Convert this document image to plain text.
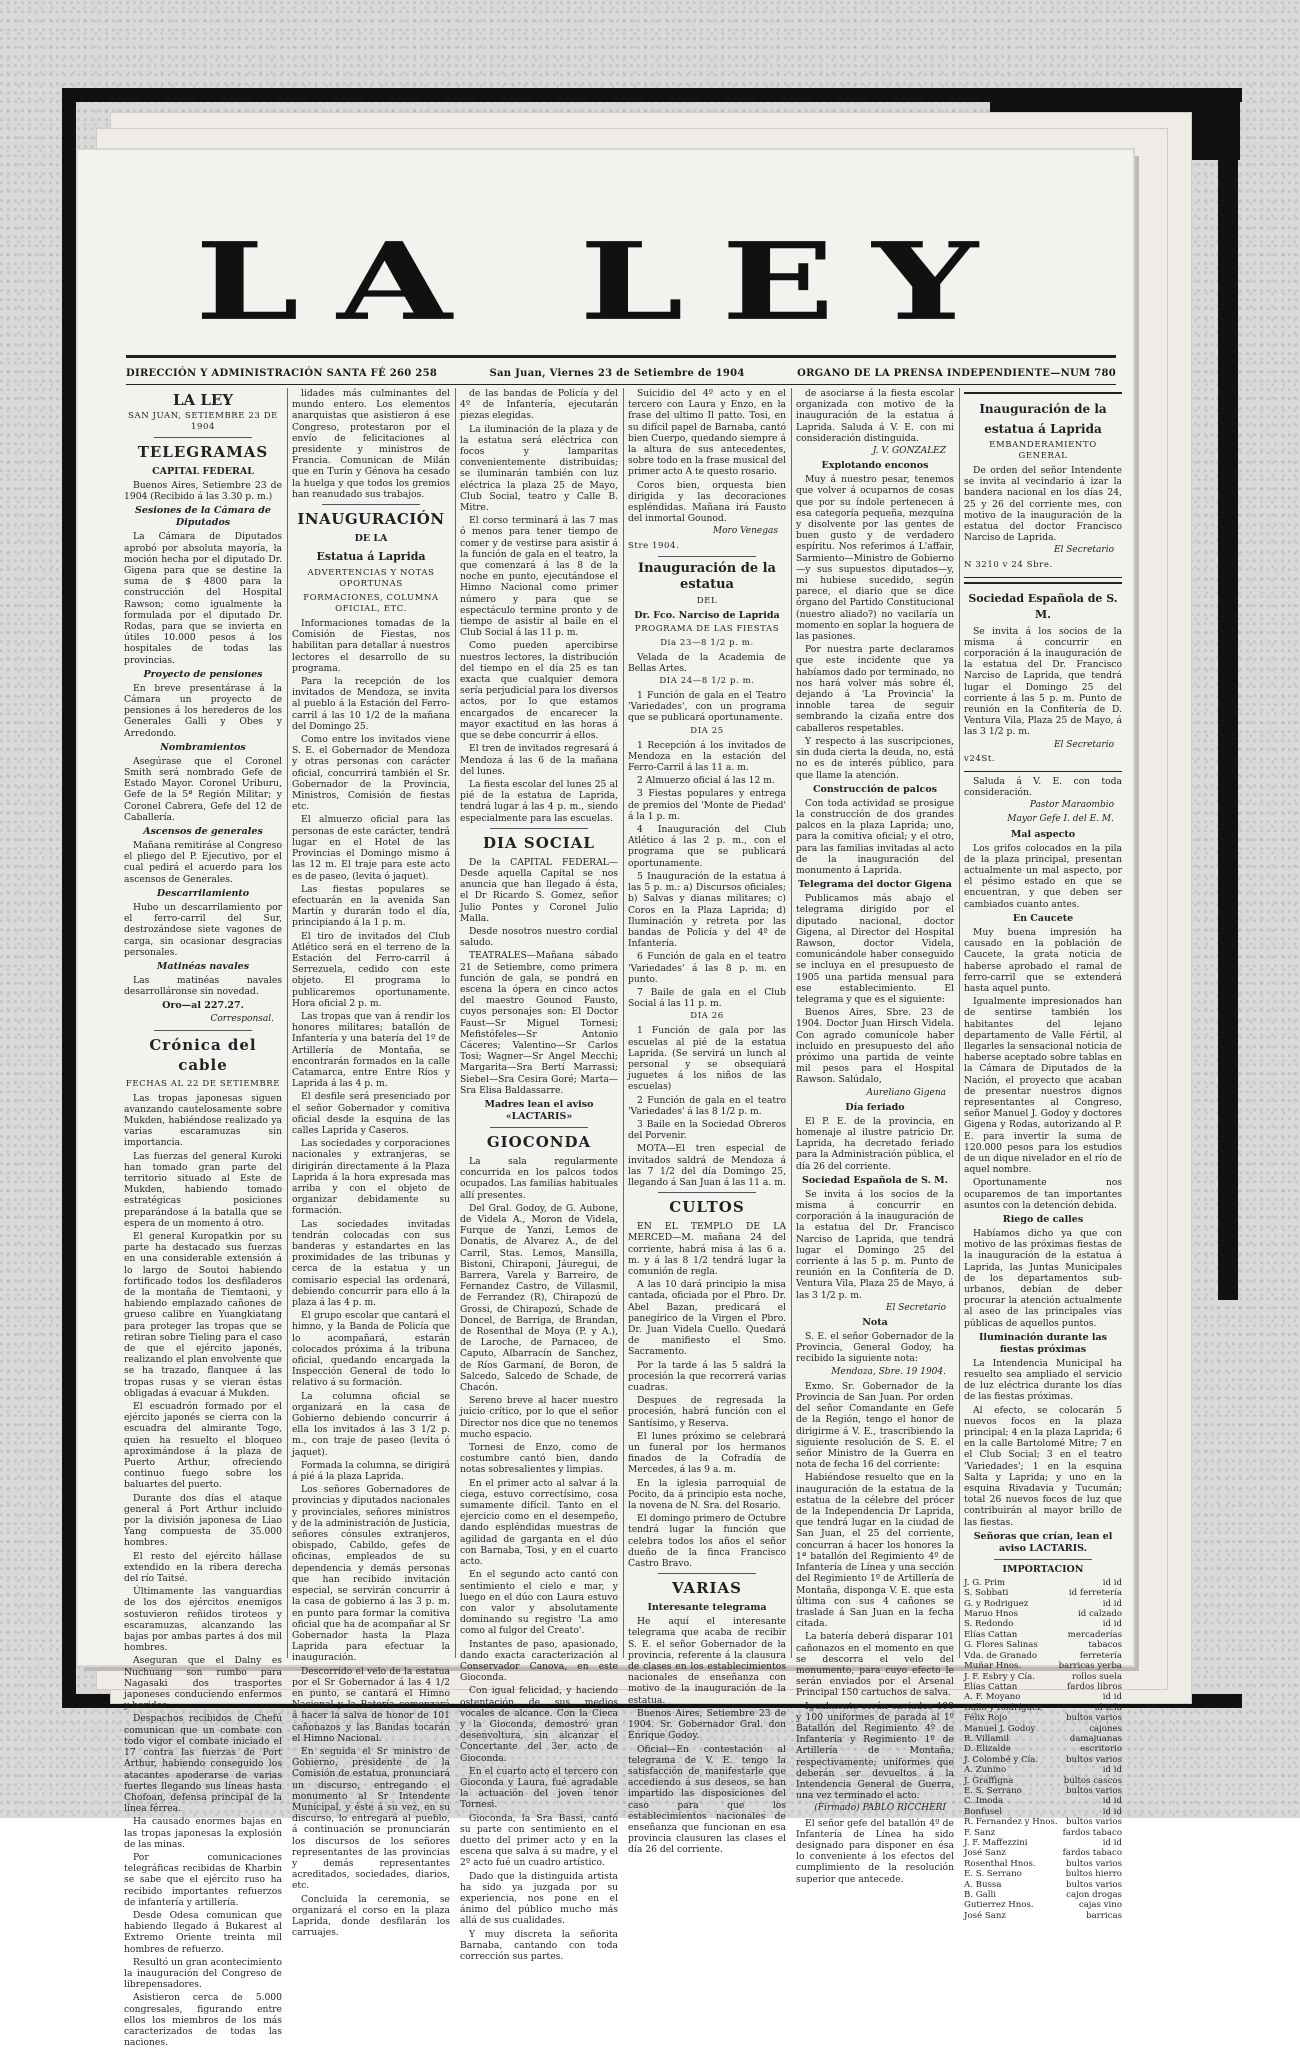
LA LEY
DIRECCIÓN Y ADMINISTRACIÓN SANTA FÉ 260 258	San Juan, Viernes 23 de Setiembre de 1904	ORGANO DE LA PRENSA INDEPENDIENTE—NUM 780
LA LEY
SAN JUAN, SETIEMBRE 23 DE 1904
TELEGRAMAS
CAPITAL FEDERAL

Buenos Aires, Setiembre 23 de 1904 (Recibido á las 3.30 p. m.)

Sesiones de la Cámara de Diputados

La Cámara de Diputados aprobó por absoluta mayoría, la moción hecha por el diputado Dr. Gigena para que se destine la suma de $ 4800 para la construcción del Hospital Rawson; como igualmente la formulada por el diputado Dr. Rodas, para que se invierta en útiles 10.000 pesos á los hospitales de todas las provincias.

Proyecto de pensiones

En breve presentárase á la Cámara un proyecto de pensiones á los herederos de los Generales Galli y Obes y Arredondo.

Nombramientos

Asegúrase que el Coronel Smith será nombrado Gefe de Estado Mayor. Coronel Uriburu, Gefe de la 5ª Región Militar; y Coronel Cabrera, Gefe del 12 de Caballería.

Ascensos de generales

Mañana remitiráse al Congreso el pliego del P. Ejecutivo, por el cual pedirá el acuerdo para los ascensos de Generales.

Descarrilamiento

Hubo un descarrilamiento por el ferro-carril del Sur, destrozándose siete vagones de carga, sin ocasionar desgracias personales.

Matinéas navales

Las matinéas navales desarrolláronse sin novedad.

Oro—al 227.27.
Corresponsal.
Crónica del cable
FECHAS AL 22 DE SETIEMBRE

Las tropas japonesas siguen avanzando cautelosamente sobre Mukden, habiéndose realizado ya varias escaramuzas sin importancia.

Las fuerzas del general Kuroki han tomado gran parte del territorio situado al Este de Mukden, habiendo tomado estratégicas posiciones preparándose á la batalla que se espera de un momento á otro.

El general Kuropatkin por su parte ha destacado sus fuerzas en una considerable extensión á lo largo de Soutoi habiendo fortificado todos los desfiladeros de la montaña de Tiemtaoni, y habiendo emplazado cañones de grueso calibre en Yuangkiatang para proteger las tropas que se retiran sobre Tieling para el caso de que el ejército japonés, realizando el plan envolvente que se ha trazado, flanquee á las tropas rusas y se vieran éstas obligadas á evacuar á Mukden.

El escuadrón formado por el ejército japonés se cierra con la escuadra del almirante Togo, quien ha resuelto el bloqueo aproximándose á la plaza de Puerto Arthur, ofreciendo continuo fuego sobre los baluartes del puerto.

Durante dos días el ataque general á Port Arthur incluido por la división japonesa de Liao Yang compuesta de 35.000 hombres.

El resto del ejército hállase extendido en la ribera derecha del río Taitsé.

Últimamente las vanguardias de los dos ejércitos enemigos sostuvieron reñidos tiroteos y escaramuzas, alcanzando las bajas por ambas partes á dos mil hombres.

Aseguran que el Dalny es Nuchuang son rumbo para Nagasaki dos trasportes japoneses conduciendo enfermos y heridos.

Despachos recibidos de Chefú comunican que un combate con todo vigor el combate iniciado el 17 contra las fuerzas de Port Arthur, habiendo conseguido los atacantes apoderarse de varias fuertes llegando sus líneas hasta Chofoan, defensa principal de la línea férrea.

Ha causado enormes bajas en las tropas japonesas la explosión de las minas.

Por comunicaciones telegráficas recibidas de Kharbin se sabe que el ejército ruso ha recibido importantes refuerzos de infantería y artillería.

Desde Odesa comunican que habiendo llegado á Bukarest al Extremo Oriente treinta mil hombres de refuerzo.

Resultó un gran acontecimiento la inauguración del Congreso de librepensadores.

Asistieron cerca de 5.000 congresales, figurando entre ellos los miembros de los más caracterizados de todas las naciones.

lidades más culminantes del mundo entero. Los elementos anarquistas que asistieron á ese Congreso, protestaron por el envío de felicitaciones al presidente y ministros de Francia. Comunican de Milán que en Turín y Génova ha cesado la huelga y que todos los gremios han reanudado sus trabajos.

INAUGURACIÓN
DE LA
Estatua á Laprida
ADVERTENCIAS Y NOTAS OPORTUNAS
FORMACIONES, COLUMNA OFICIAL, ETC.

Informaciones tomadas de la Comisión de Fiestas, nos habilitan para detallar á nuestros lectores el desarrollo de su programa.

Para la recepción de los invitados de Mendoza, se invita al pueblo á la Estación del Ferro-carril á las 10 1/2 de la mañana del Domingo 25.

Como entre los invitados viene S. E. el Gobernador de Mendoza y otras personas con carácter oficial, concurrirá también el Sr. Gobernador de la Provincia, Ministros, Comisión de fiestas etc.

El almuerzo oficial para las personas de este carácter, tendrá lugar en el Hotel de las Provincias el Domingo mismo á las 12 m. El traje para este acto es de paseo, (levita ó jaquet).

Las fiestas populares se efectuarán en la avenida San Martín y durarán todo el día, principiando á la 1 p. m.

El tiro de invitados del Club Atlético será en el terreno de la Estación del Ferro-carril á Serrezuela, cedido con este objeto. El programa lo publicaremos oportunamente. Hora oficial 2 p. m.

Las tropas que van á rendir los honores militares; batallón de Infantería y una batería del 1º de Artillería de Montaña, se encontrarán formados en la calle Catamarca, entre Entre Ríos y Laprida á las 4 p. m.

El desfile será presenciado por el señor Gobernador y comitiva oficial desde la esquina de las calles Laprida y Caseros.

Las sociedades y corporaciones nacionales y extranjeras, se dirigirán directamente á la Plaza Laprida á la hora expresada mas arriba y con el objeto de organizar debidamente su formación.

Las sociedades invitadas tendrán colocadas con sus banderas y estandartes en las proximidades de las tribunas y cerca de la estatua y un comisario especial las ordenará, debiendo concurrir para ello á la plaza á las 4 p. m.

El grupo escolar que cantará el himno, y la Banda de Policía que lo acompañará, estarán colocados próxima á la tribuna oficial, quedando encargada la Inspección General de todo lo relativo á su formación.

La columna oficial se organizará en la casa de Gobierno debiendo concurrir á ella los invitados á las 3 1/2 p. m., con traje de paseo (levita ó jaquet).

Formada la columna, se dirigirá á pié á la plaza Laprida.

Los señores Gobernadores de provincias y diputados nacionales y provinciales, señores ministros y de la administración de Justicia, señores cónsules extranjeros, obispado, Cabildo, gefes de oficinas, empleados de su dependencia y demás personas que han recibido invitación especial, se servirán concurrir á la casa de gobierno á las 3 p. m. en punto para formar la comitiva oficial que ha de acompañar al Sr Gobernador hasta la Plaza Laprida para efectuar la inauguración.

Descorrido el velo de la estatua por el Sr Gobernador á las 4 1/2 en punto, se cantará el Himno Nacional y la Batería comenzará á hacer la salva de honor de 101 cañonazos y las Bandas tocarán el Himno Nacional.

En seguida el Sr ministro de Gobierno, presidente de la Comisión de estatua, pronunciará un discurso, entregando el monumento al Sr Intendente Municipal, y éste á su vez, en su discurso, lo entregará al pueblo, á continuación se pronunciarán los discursos de los señores representantes de las provincias y demás representantes acreditados, sociedades, diarios, etc.

Concluida la ceremonia, se organizará el corso en la plaza Laprida, donde desfilarán los carruajes.

de las bandas de Policía y del 4º de Infantería, ejecutarán piezas elegidas.

La iluminación de la plaza y de la estatua será eléctrica con focos y lamparitas convenientemente distribuidas; se iluminarán también con luz eléctrica la plaza 25 de Mayo, Club Social, teatro y Calle B. Mitre.

El corso terminará á las 7 mas ó menos para tener tiempo de comer y de vestirse para asistir á la función de gala en el teatro, la que comenzará á las 8 de la noche en punto, ejecutándose el Himno Nacional como primer número y para que se espectáculo termine pronto y de tiempo de asistir al baile en el Club Social á las 11 p. m.

Como pueden apercibirse nuestros lectores, la distribución del tiempo en el día 25 es tan exacta que cualquier demora sería perjudicial para los diversos actos, por lo que estamos encargados de encarecer la mayor exactitud en las horas á que se debe concurrir á ellos.

El tren de invitados regresará á Mendoza á las 6 de la mañana del lunes.

La fiesta escolar del lunes 25 al pié de la estatua de Laprida, tendrá lugar á las 4 p. m., siendo especialmente para las escuelas.

DIA SOCIAL

De la CAPITAL FEDERAL—Desde aquella Capital se nos anuncia que han llegado á ésta, el Dr Ricardo S. Gomez, señor Julio Pontes y Coronel Julio Malla.

Desde nosotros nuestro cordial saludo.

TEATRALES—Mañana sábado 21 de Setiembre, como primera función de gala, se pondrá en escena la ópera en cinco actos del maestro Gounod Fausto, cuyos personajes son: El Doctor Faust—Sr Miguel Tornesi; Mefistófeles—Sr Antonio Cáceres; Valentino—Sr Carlos Tosi; Wagner—Sr Angel Mecchi; Margarita—Sra Bertí Marrassi; Siebel—Sra Cesira Goré; Marta—Sra Elisa Baldassarre.

Madres lean el aviso «LACTARIS»
GIOCONDA

La sala regularmente concurrida en los palcos todos ocupados. Las familias habituales allí presentes.

Del Gral. Godoy, de G. Aubone, de Videla A., Moron de Videla, Furque de Yanzi, Lemos de Donatis, de Alvarez A., de del Carril, Stas. Lemos, Mansilla, Bistoni, Chiraponi, Jáuregui, de Barrera, Varela y Barreiro, de Fernandez Castro, de Villasmil, de Ferrandez (R), Chirapozú de Grossi, de Chirapozú, Schade de Doncel, de Barriga, de Brandan, de Rosenthal de Moya (P. y A.), de Laroche, de Parnaceo, de Caputo, Albarracín de Sanchez, de Ríos Garmaní, de Boron, de Salcedo, Salcedo de Schade, de Chacón.

Sereno breve al hacer nuestro juicio crítico, por lo que el señor Director nos dice que no tenemos mucho espacio.

Tornesi de Enzo, como de costumbre cantó bien, dando notas sobresalientes y limpias.

En el primer acto al salvar á la ciega, estuvo correctísimo, cosa sumamente difícil. Tanto en el ejercicio como en el desempeño, dando espléndidas muestras de agilidad de garganta en el dúo con Barnaba, Tosi, y en el cuarto acto.

En el segundo acto cantó con sentimiento el cielo e mar, y luego en el dúo con Laura estuvo con valor y absolutamente dominando su registro 'La amo como al fulgor del Creato'.

Instantes de paso, apasionado, dando exacta caracterización al Conservador Canova, en este Gioconda.

Con igual felicidad, y haciendo ostentación de sus medios vocales de alcance. Con la Cieca y la Gioconda, demostró gran desenvoltura, sin alcanzar el Concertante del 3er acto de Gioconda.

En el cuarto acto el tercero con Gioconda y Laura, fué agradable la actuación del joven tenor Tornesi.

Gioconda, la Sra Bassi, cantó su parte con sentimiento en el duetto del primer acto y en la escena que salva á su madre, y el 2º acto fué un cuadro artístico.

Dado que la distinguida artista ha sido ya juzgada por su experiencia, nos pone en el ánimo del público mucho más allá de sus cualidades.

Y muy discreta la señorita Barnaba, cantando con toda corrección sus partes.

Suicidio del 4º acto y en el tercero con Laura y Enzo, en la frase del ultimo Il patto. Tosi, en su difícil papel de Barnaba, cantó bien Cuerpo, quedando siempre á la altura de sus antecedentes, sobre todo en la frase musical del primer acto A te questo rosario.

Coros bien, orquesta bien dirigida y las decoraciones espléndidas. Mañana irá Fausto del inmortal Gounod.

Moro Venegas
Stre 1904.
Inauguración de la estatua
DEL
Dr. Fco. Narciso de Laprida
PROGRAMA DE LAS FIESTAS
Dia 23—8 1/2 p. m.

Velada de la Academia de Bellas Artes.

DIA 24—8 1/2 p. m.

1 Función de gala en el Teatro 'Variedades', con un programa que se publicará oportunamente.

DIA 25

1 Recepción á los invitados de Mendoza en la estación del Ferro-Carril á las 11 a. m.

2 Almuerzo oficial á las 12 m.

3 Fiestas populares y entrega de premios del 'Monte de Piedad' á la 1 p. m.

4 Inauguración del Club Atlético á las 2 p. m., con el programa que se publicará oportunamente.

5 Inauguración de la estatua á las 5 p. m.: a) Discursos oficiales; b) Salvas y dianas militares; c) Coros en la Plaza Laprida; d) Iluminación y retreta por las bandas de Policía y del 4º de Infantería.

6 Función de gala en el teatro 'Variedades' á las 8 p. m. en punto.

7 Baile de gala en el Club Social á las 11 p. m.

DIA 26

1 Función de gala por las escuelas al pié de la estatua Laprida. (Se servirá un lunch al personal y se obsequiará juguetes á los niños de las escuelas)

2 Función de gala en el teatro 'Variedades' á las 8 1/2 p. m.

3 Baile en la Sociedad Obreros del Porvenir.

MOTA—El tren especial de invitados saldrá de Mendoza á las 7 1/2 del día Domingo 25, llegando á San Juan á las 11 a. m.

CULTOS

EN EL TEMPLO DE LA MERCED—M. mañana 24 del corriente, habrá misa á las 6 a. m. y á las 8 1/2 tendrá lugar la comunión de regla.

A las 10 dará principio la misa cantada, oficiada por el Pbro. Dr. Abel Bazan, predicará el panegírico de la Virgen el Pbro. Dr. Juan Videla Cuello. Quedará de manifiesto el Smo. Sacramento.

Por la tarde á las 5 saldrá la procesión la que recorrerá varias cuadras.

Despues de regresada la procesión, habrá función con el Santísimo, y Reserva.

El lunes próximo se celebrará un funeral por los hermanos finados de la Cofradía de Mercedes, á las 9 a. m.

En la iglesia parroquial de Pocito, da á principio esta noche, la novena de N. Sra. del Rosario.

El domingo primero de Octubre tendrá lugar la función que celebra todos los años el señor dueño de la finca Francisco Castro Bravo.

VARIAS
Interesante telegrama

He aquí el interesante telegrama que acaba de recibir S. E. el señor Gobernador de la provincia, referente á la clausura de clases en los establecimientos nacionales de enseñanza con motivo de la inauguración de la estatua.

Buenos Aires, Setiembre 23 de 1904. Sr. Gobernador Gral. don Enrique Godoy.

Oficial—En contestación al telegrama de V. E. tengo la satisfacción de manifestarle que accediendo á sus deseos, se han impartido las disposiciones del caso para que los establecimientos nacionales de enseñanza que funcionan en esa provincia clausuren las clases el día 26 del corriente.

de asociarse á la fiesta escolar organizada con motivo de la inauguración de la estatua á Laprida. Saluda á V. E. con mi consideración distinguida.

J. V. GONZALEZ
Explotando enconos

Muy á nuestro pesar, tenemos que volver á ocuparnos de cosas que por su índole pertenecen á esa categoría pequeña, mezquina y disolvente por las gentes de buen gusto y de verdadero espíritu. Nos referimos á L'affair, Sarmiento—Ministro de Gobierno—y sus supuestos diputados—y, mi hubiese sucedido, según parece, el diario que se dice órgano del Partido Constitucional (nuestro aliado?) no vacilaría un momento en soplar la hoguera de las pasiones.

Por nuestra parte declaramos que este incidente que ya habíamos dado por terminado, no nos hará volver más sobre él, dejando á 'La Provincia' la innoble tarea de seguir sembrando la cizaña entre dos caballeros respetables.

Y respecto á las suscripciones, sin duda cierta la deuda, no, está no es de interés público, para que llame la atención.

Construcción de palcos

Con toda actividad se prosigue la construcción de dos grandes palcos en la plaza Laprida; uno, para la comitiva oficial; y el otro, para las familias invitadas al acto de la inauguración del monumento á Laprida.

Telegrama del doctor Gigena

Publicamos más abajo el telegrama dirigido por el diputado nacional, doctor Gigena, al Director del Hospital Rawson, doctor Videla, comunicándole haber conseguido se incluya en el presupuesto de 1905 una partida mensual para ese establecimiento. El telegrama y que es el siguiente:

Buenos Aires, Sbre. 23 de 1904. Doctor Juan Hirsch Videla. Con agrado comunícole haber incluido en presupuesto del año próximo una partida de veinte mil pesos para el Hospital Rawson. Salúdalo,

Aureliano Gigena
Día feriado

El P. E. de la provincia, en homenaje al ilustre patricio Dr. Laprida, ha decretado feriado para la Administración pública, el día 26 del corriente.

Sociedad Española de S. M.

Se invita á los socios de la misma á concurrir en corporación á la inauguración de la estatua del Dr. Francisco Narciso de Laprida, que tendrá lugar el Domingo 25 del corriente á las 5 p. m. Punto de reunión en la Confitería de D. Ventura Vila, Plaza 25 de Mayo, á las 3 1/2 p. m.

El Secretario
Nota

S. E. el señor Gobernador de la Provincia, General Godoy, ha recibido la siguiente nota:

Mendoza, Sbre. 19 1904.

Exmo. Sr. Gobernador de la Provincia de San Juan. Por orden del señor Comandante en Gefe de la Región, tengo el honor de dirigirme á V. E., trascribiendo la siguiente resolución de S. E. el señor Ministro de la Guerra en nota de fecha 16 del corriente:

Habiéndose resuelto que en la inauguración de la estatua de la estatua de la célebre del prócer de la Independencia Dr Laprida, que tendrá lugar en la ciudad de San Juan, el 25 del corriente, concurran á hacer los honores la 1ª batallón del Regimiento 4º de Infantería de Línea y una sección del Regimiento 1º de Artillería de Montaña, disponga V. E. que esta última con sus 4 cañones se traslade á San Juan en la fecha citada.

La batería deberá disparar 101 cañonazos en el momento en que se descorra el velo del monumento, para cuyo efecto le serán enviados por el Arsenal Principal 150 cartuchos de salva.

Igualmente serán enviados 100 y 100 uniformes de parada al 1º Batallón del Regimiento 4º de Infantería y Regimiento 1º de Artillería de Montaña, respectivamente; uniformes que deberán ser devueltos á la Intendencia General de Guerra, una vez terminado el acto.

(Firmado) PABLO RICCHERI

El señor gefe del batallón 4º de Infantería de Línea ha sido designado para disponer en ésa lo conveniente á los efectos del cumplimiento de la resolución superior que antecede.

Inauguración de la
estatua á Laprida
EMBANDERAMIENTO GENERAL

De orden del señor Intendente se invita al vecindario á izar la bandera nacional en los días 24, 25 y 26 del corriente mes, con motivo de la inauguración de la estatua del doctor Francisco Narciso de Laprida.

El Secretario
N 3210 v 24 Sbre.
Sociedad Española de S. M.

Se invita á los socios de la misma á concurrir en corporación á la inauguración de la estatua del Dr. Francisco Narciso de Laprida, que tendrá lugar el Domingo 25 del corriente á las 5 p. m. Punto de reunión en la Confitería de D. Ventura Vila, Plaza 25 de Mayo, á las 3 1/2 p. m.

El Secretario
v24St.

Saluda á V. E. con toda consideración.

Pastor Maraombio
Mayor Gefe I. del E. M.
Mal aspecto

Los grifos colocados en la pila de la plaza principal, presentan actualmente un mal aspecto, por el pésimo estado en que se encuentran, y que deben ser cambiados cuanto antes.

En Caucete

Muy buena impresión ha causado en la población de Caucete, la grata noticia de haberse aprobado el ramal de ferro-carril que se extenderá hasta aquel punto.

Igualmente impresionados han de sentirse también los habitantes del lejano departamento de Valle Fértil, al llegarles la sensacional noticia de haberse aceptado sobre tablas en la Cámara de Diputados de la Nación, el proyecto que acaban de presentar nuestros dignos representantes al Congreso, señor Manuel J. Godoy y doctores Gigena y Rodas, autorizando al P. E. para invertir la suma de 120.000 pesos para los estudios de un dique nivelador en el río de aquel nombre.

Oportunamente nos ocuparemos de tan importantes asuntos con la detención debida.

Riego de calles

Habíamos dicho ya que con motivo de las próximas fiestas de la inauguración de la estatua á Laprida, las Juntas Municipales de los departamentos sub-urbanos, debían de deber procurar la atención actualmente al aseo de las principales vías públicas de aquellos puntos.

Iluminación durante las fiestas próximas

La Intendencia Municipal ha resuelto sea ampliado el servicio de luz eléctrica durante los días de las fiestas próximas.

Al efecto, se colocarán 5 nuevos focos en la plaza principal; 4 en la plaza Laprida; 6 en la calle Bartolomé Mitre; 7 en el Club Social; 3 en el teatro 'Variedades'; 1 en la esquina Salta y Laprida; y uno en la esquina Rivadavia y Tucumán; total 26 nuevos focos de luz que contribuirán al mayor brillo de las fiestas.

Señoras que crían, lean el aviso LACTARIS.
IMPORTACION
J. G. Prim	id id
S. Sobbati	id ferretería
G. y Rodriguez	id id
Maruo Hnos	id calzado
S. Redondo	id id
Elías Cattan	mercaderías
G. Flores Salinas	tabacos
Vda. de Granado	ferretería
Muñar Hnos.	barricas yerba
J. F. Esbry y Cía.	rollos suela
Elías Cattan	fardos libros
A. F. Moyano	id id
Gallo y Rodríguez	id tela
Félix Rojo	bultos varios
Manuel J. Godoy	cajones
R. Villamil	damajuanas
D. Elizalde	escritorio
J. Colombé y Cía.	bultos varios
A. Zunino	id id
J. Graffigna	bultos cascos
E. S. Serrano	bultos varios
C. Imoda	id id
Bonfusel	id id
R. Fernandez y Hnos. bultos varios
F. Sanz	fardos tabaco
J. F. Maffezzini	id id
José Sanz	fardos tabaco
Rosenthal Hnos.	bultos varios
E. S. Serrano	bultos hierro
A. Bussa	bultos varios
B. Galli	cajon drogas
Gutierrez Hnos.	cajas vino
José Sanz	barricas
